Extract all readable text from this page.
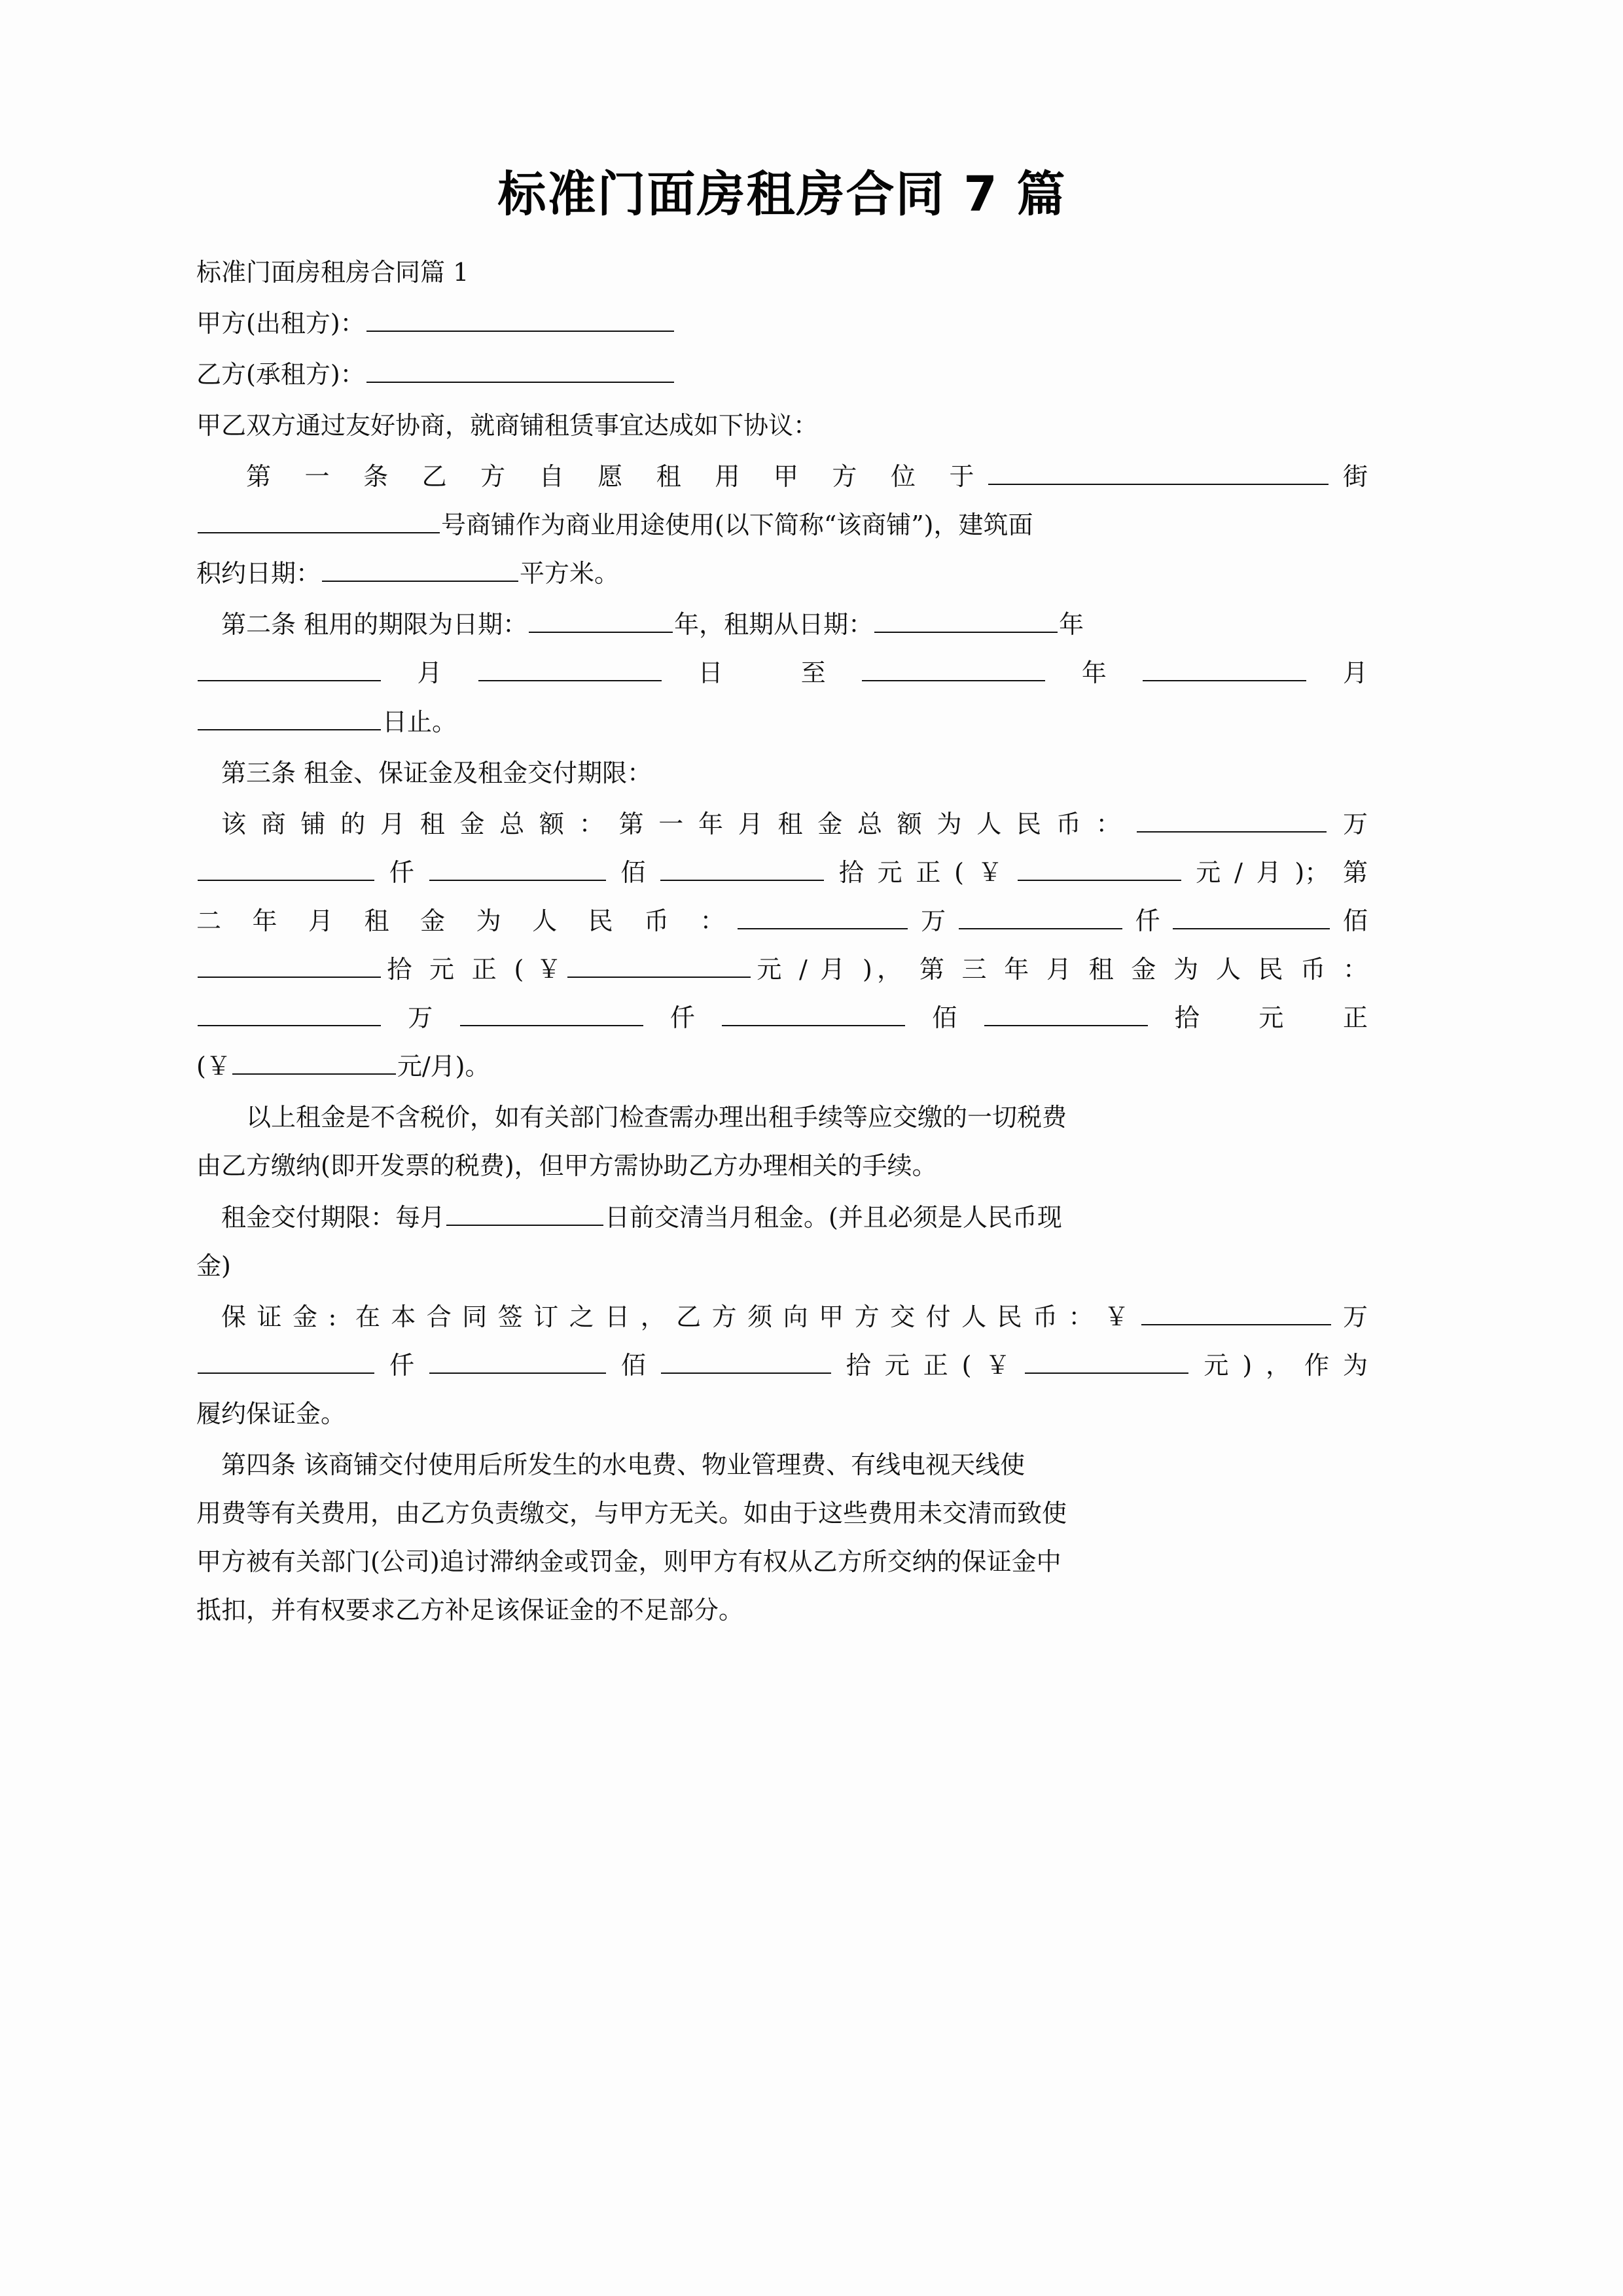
标准门面房租房合同 7 篇

标准门面房租房合同篇 1

甲方(出租方)：

乙方(承租方)：

甲乙双方通过友好协商，就商铺租赁事宜达成如下协议：

第 一 条 乙 方 自 愿 租 用 甲 方 位 于	街

号商铺作为商业用途使用(以下简称“该商铺”)，建筑面

积约日期：	平方米。

第二条 租用的期限为日期：	年，租期从日期：	年

月	日 至	年	月

日止。

第三条 租金、保证金及租金交付期限：

该商铺的月租金总额：第一年月租金总额为人民币：	万

仟	佰	拾元正(￥	元/月)；第

二 年 月 租 金 为 人 民 币 ：	万	仟	佰

拾 元 正 ( ￥	元 / 月 )， 第 三 年 月 租 金 为 人 民 币 ：

万	仟	佰	拾 元 正

(￥	元/月)。

以上租金是不含税价，如有关部门检查需办理出租手续等应交缴的一切税费

由乙方缴纳(即开发票的税费)，但甲方需协助乙方办理相关的手续。

租金交付期限：每月	日前交清当月租金。(并且必须是人民币现

金)

保证金: 在本合同签订之日，乙方须向甲方交付人民币：￥	万

仟	佰	拾元正(￥	元)，作为

履约保证金。

第四条 该商铺交付使用后所发生的水电费、物业管理费、有线电视天线使

用费等有关费用，由乙方负责缴交，与甲方无关。如由于这些费用未交清而致使

甲方被有关部门(公司)追讨滞纳金或罚金，则甲方有权从乙方所交纳的保证金中

抵扣，并有权要求乙方补足该保证金的不足部分。
